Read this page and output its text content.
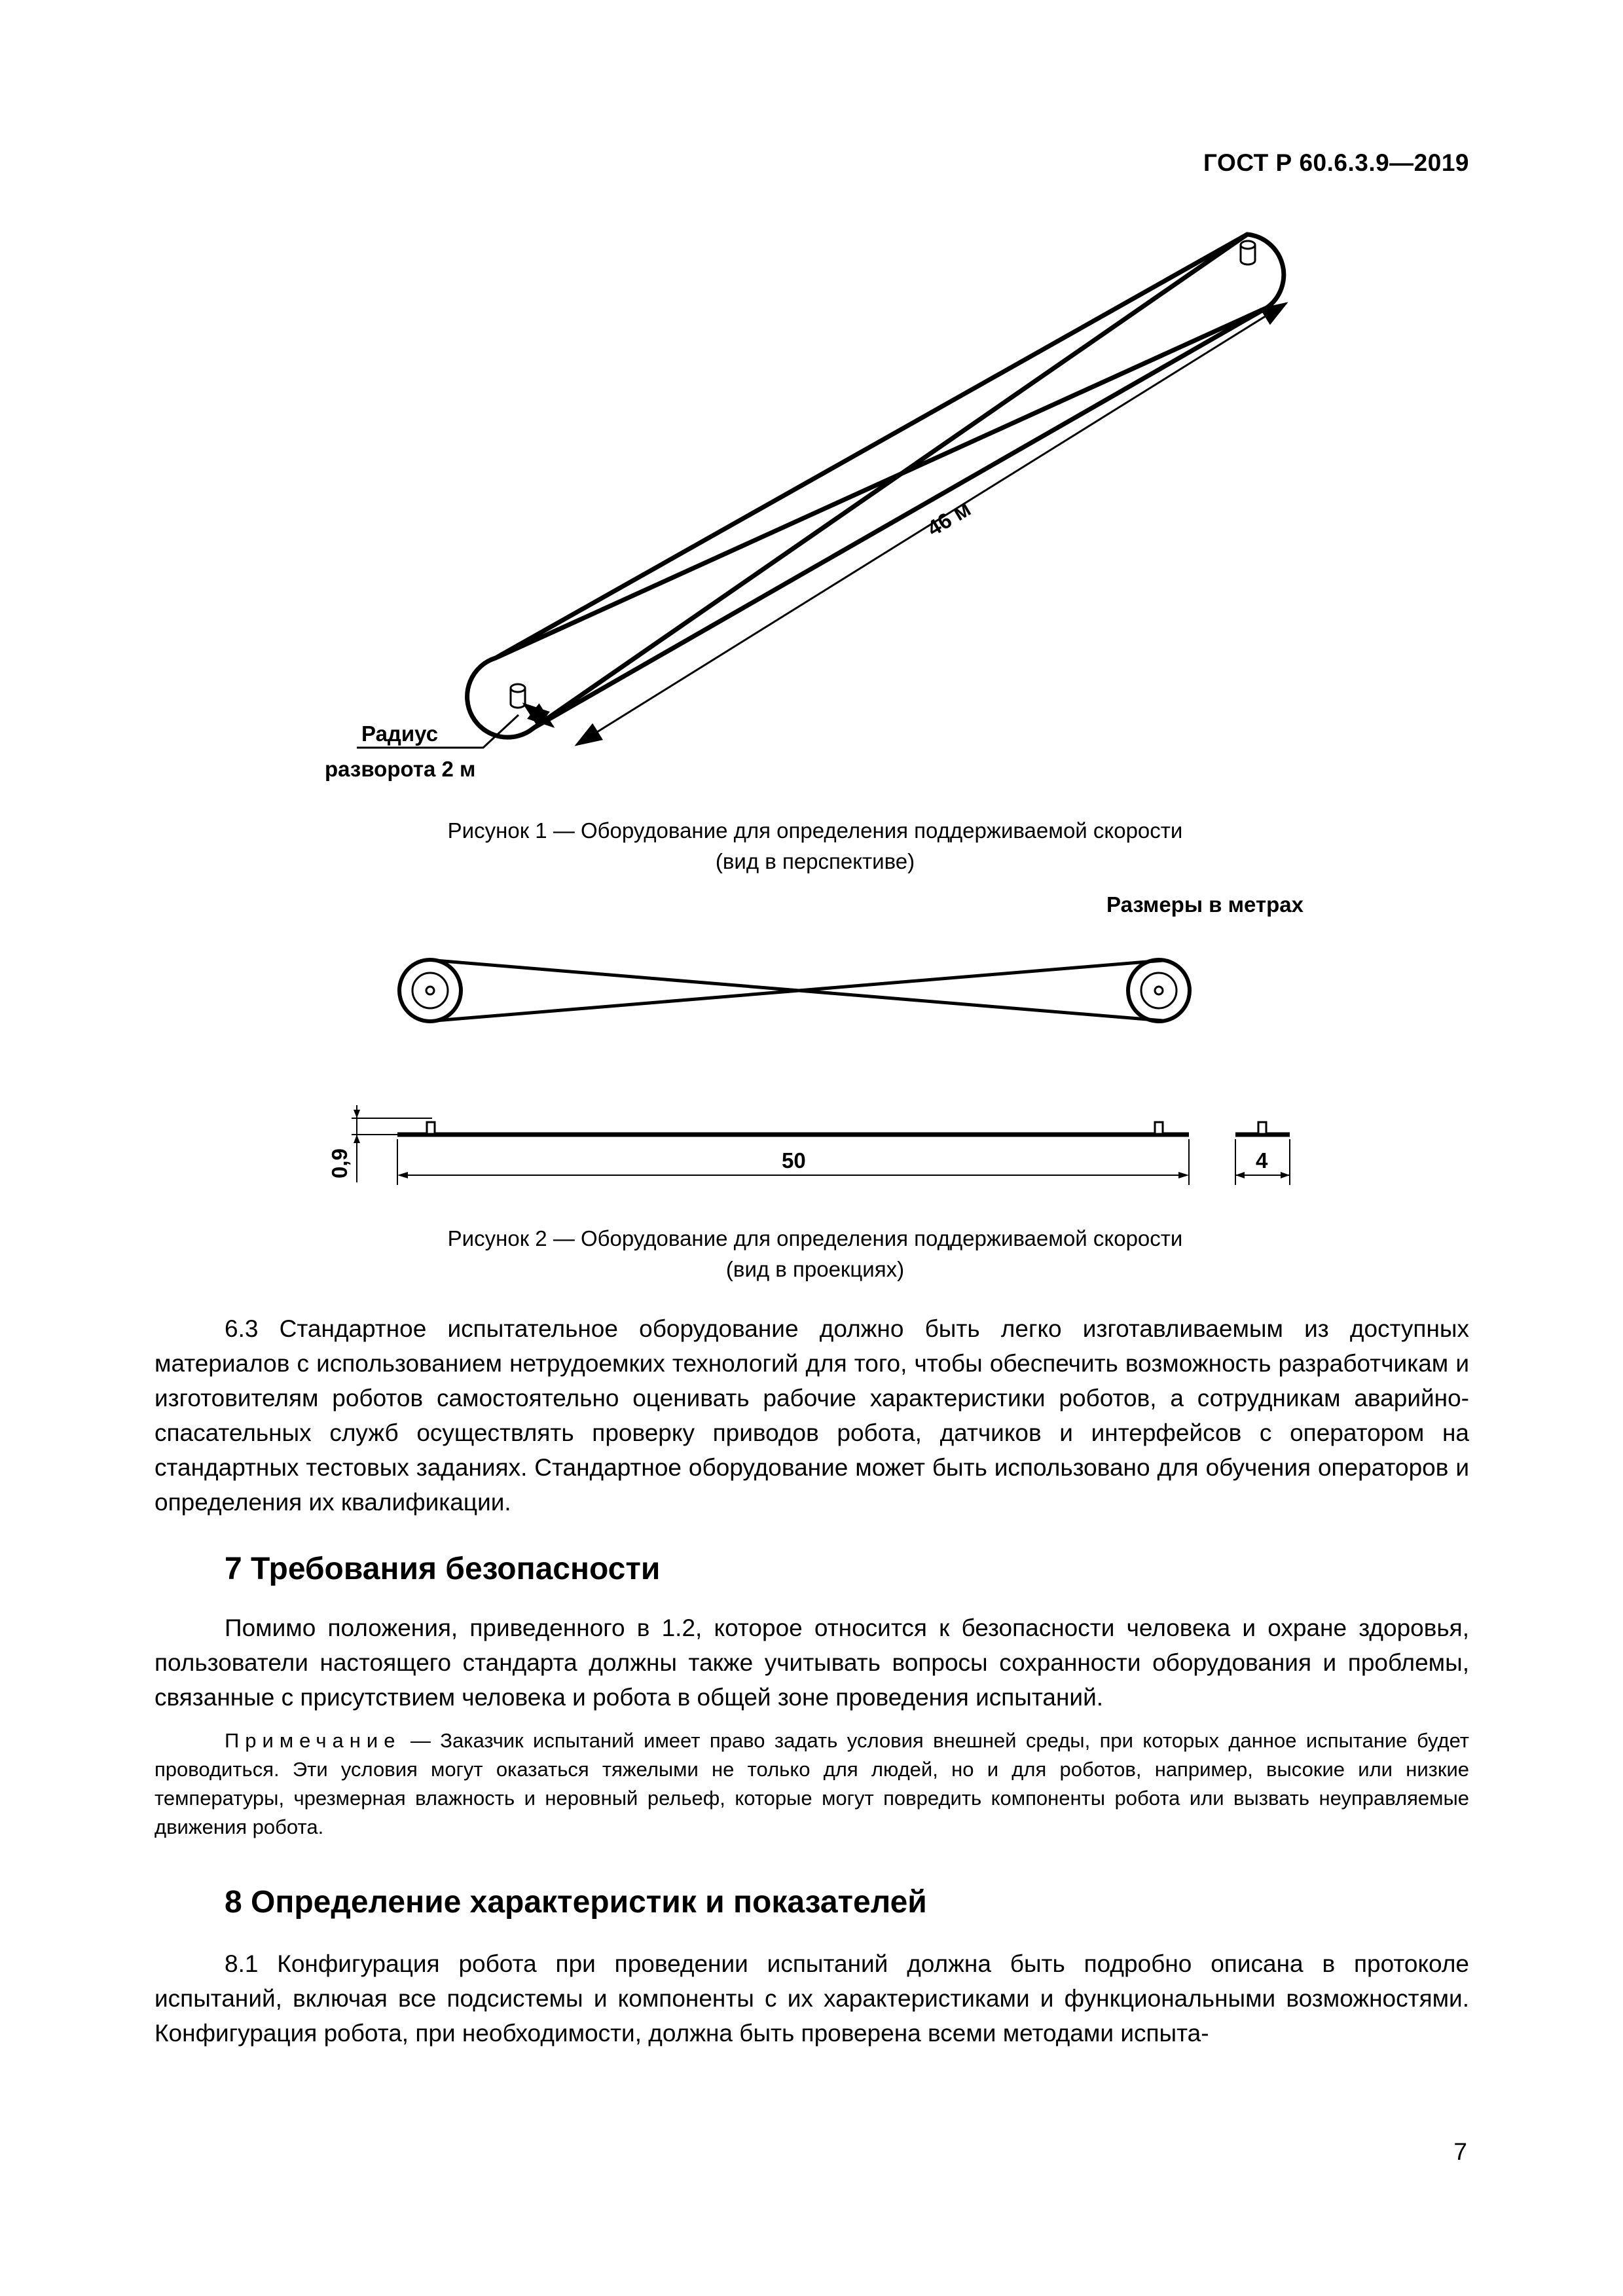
ГОСТ Р 60.6.3.9—2019
46 м
Радиус
разворота 2 м
Рисунок 1 — Оборудование для определения поддерживаемой скорости
(вид в перспективе)
Размеры в метрах
0,9	50	4
Рисунок 2 — Оборудование для определения поддерживаемой скорости
(вид в проекциях)

6.3 Стандартное испытательное оборудование должно быть легко изготавливаемым из доступных материалов с использованием нетрудоемких технологий для того, чтобы обеспечить возможность разработчикам и изготовителям роботов самостоятельно оценивать рабочие характеристики роботов, а сотрудникам аварийно-спасательных служб осуществлять проверку приводов робота, датчиков и интерфейсов с оператором на стандартных тестовых заданиях. Стандартное оборудование может быть использовано для обучения операторов и определения их квалификации.

7 Требования безопасности

Помимо положения, приведенного в 1.2, которое относится к безопасности человека и охране здоровья, пользователи настоящего стандарта должны также учитывать вопросы сохранности оборудования и проблемы, связанные с присутствием человека и робота в общей зоне проведения испытаний.

Примечание — Заказчик испытаний имеет право задать условия внешней среды, при которых данное испытание будет проводиться. Эти условия могут оказаться тяжелыми не только для людей, но и для роботов, например, высокие или низкие температуры, чрезмерная влажность и неровный рельеф, которые могут повредить компоненты робота или вызвать неуправляемые движения робота.

8 Определение характеристик и показателей

8.1 Конфигурация робота при проведении испытаний должна быть подробно описана в протоколе испытаний, включая все подсистемы и компоненты с их характеристиками и функциональными возможностями. Конфигурация робота, при необходимости, должна быть проверена всеми методами испыта-

7
